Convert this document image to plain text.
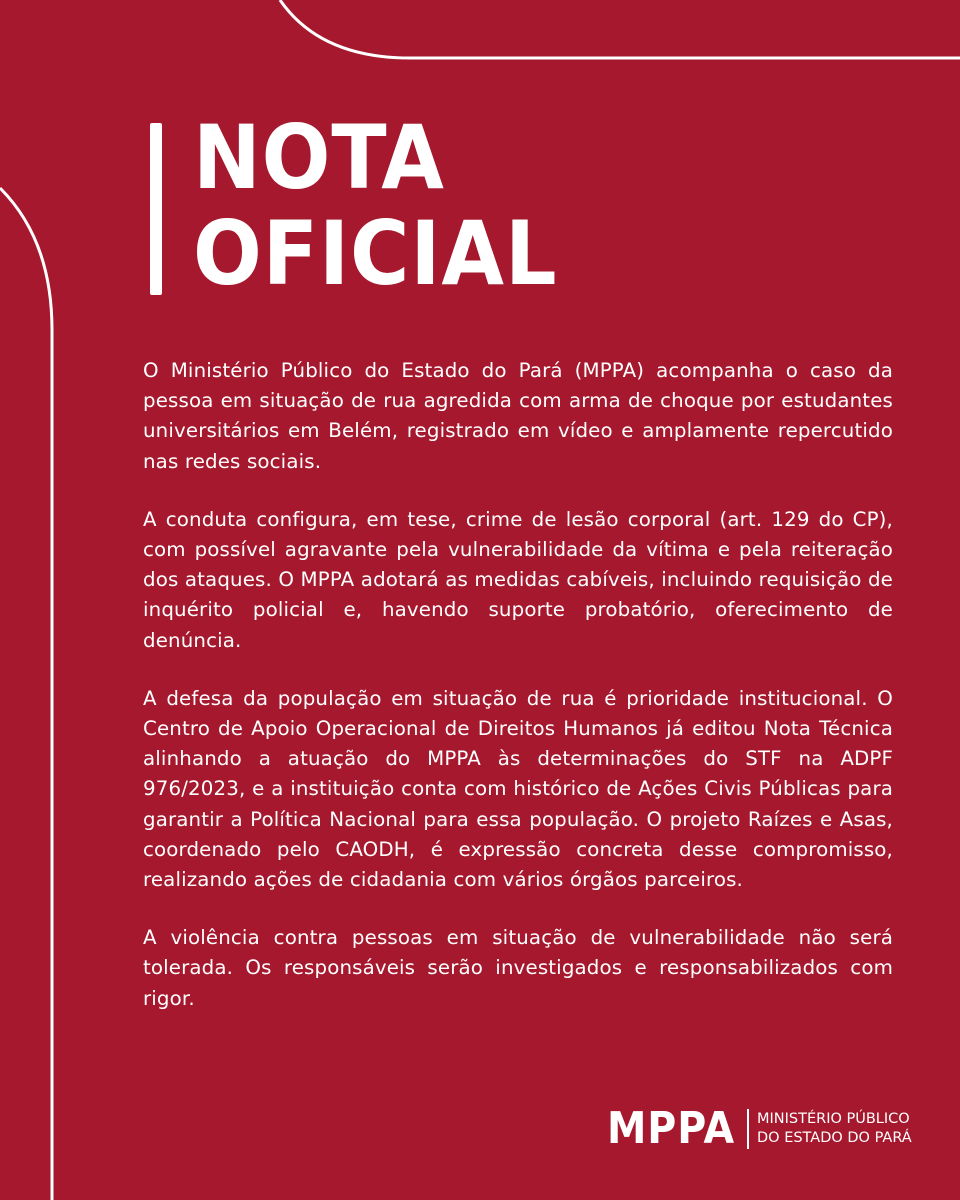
NOTA
OFICIAL

O Ministério Público do Estado do Pará (MPPA) acompanha o caso da pessoa em situação de rua agredida com arma de choque por estudantes universitários em Belém, registrado em vídeo e amplamente repercutido nas redes sociais.

A conduta configura, em tese, crime de lesão corporal (art. 129 do CP), com possível agravante pela vulnerabilidade da vítima e pela reiteração dos ataques. O MPPA adotará as medidas cabíveis, incluindo requisição de inquérito policial e, havendo suporte probatório, oferecimento de denúncia.

A defesa da população em situação de rua é prioridade institucional. O Centro de Apoio Operacional de Direitos Humanos já editou Nota Técnica alinhando a atuação do MPPA às determinações do STF na ADPF 976/2023, e a instituição conta com histórico de Ações Civis Públicas para garantir a Política Nacional para essa população. O projeto Raízes e Asas, coordenado pelo CAODH, é expressão concreta desse compromisso, realizando ações de cidadania com vários órgãos parceiros.

A violência contra pessoas em situação de vulnerabilidade não será tolerada. Os responsáveis serão investigados e responsabilizados com rigor.

MPPA MINISTÉRIO PÚBLICO
DO ESTADO DO PARÁ
